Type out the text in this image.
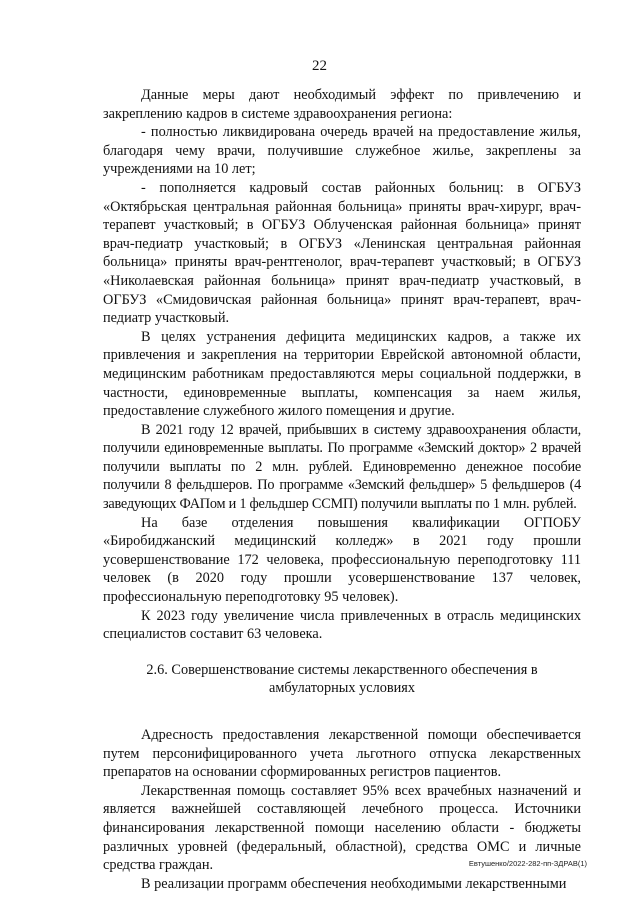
22

Данные меры дают необходимый эффект по привлечению и закреплению кадров в системе здравоохранения региона:

- полностью ликвидирована очередь врачей на предоставление жилья, благодаря чему врачи, получившие служебное жилье, закреплены за учреждениями на 10 лет;

- пополняется кадровый состав районных больниц: в ОГБУЗ «Октябрьская центральная районная больница» приняты врач-хирург, врач-терапевт участковый; в ОГБУЗ Облученская районная больница» принят врач-педиатр участковый; в ОГБУЗ «Ленинская центральная районная больница» приняты врач-рентгенолог, врач-терапевт участковый; в ОГБУЗ «Николаевская районная больница» принят врач-педиатр участковый, в ОГБУЗ «Смидовичская районная больница» принят врач-терапевт, врач-педиатр участковый.

В целях устранения дефицита медицинских кадров, а также их привлечения и закрепления на территории Еврейской автономной области, медицинским работникам предоставляются меры социальной поддержки, в частности, единовременные выплаты, компенсация за наем жилья, предоставление служебного жилого помещения и другие.

В 2021 году 12 врачей, прибывших в систему здравоохранения области, получили единовременные выплаты. По программе «Земский доктор» 2 врачей получили выплаты по 2 млн. рублей. Единовременно денежное пособие получили 8 фельдшеров. По программе «Земский фельдшер» 5 фельдшеров (4 заведующих ФАПом и 1 фельдшер ССМП) получили выплаты по 1 млн. рублей.

На базе отделения повышения квалификации ОГПОБУ «Биробиджанский медицинский колледж» в 2021 году прошли усовершенствование 172 человека, профессиональную переподготовку 111 человек (в 2020 году прошли усовершенствование 137 человек, профессиональную переподготовку 95 человек).

К 2023 году увеличение числа привлеченных в отрасль медицинских специалистов составит 63 человека.

2.6. Совершенствование системы лекарственного обеспечения в амбулаторных условиях

Адресность предоставления лекарственной помощи обеспечивается путем персонифицированного учета льготного отпуска лекарственных препаратов на основании сформированных регистров пациентов.

Лекарственная помощь составляет 95% всех врачебных назначений и является важнейшей составляющей лечебного процесса. Источники финансирования лекарственной помощи населению области - бюджеты различных уровней (федеральный, областной), средства ОМС и личные средства граждан.

В реализации программ обеспечения необходимыми лекарственными

Евтушенко/2022-282-пп-ЗДРАВ(1)
